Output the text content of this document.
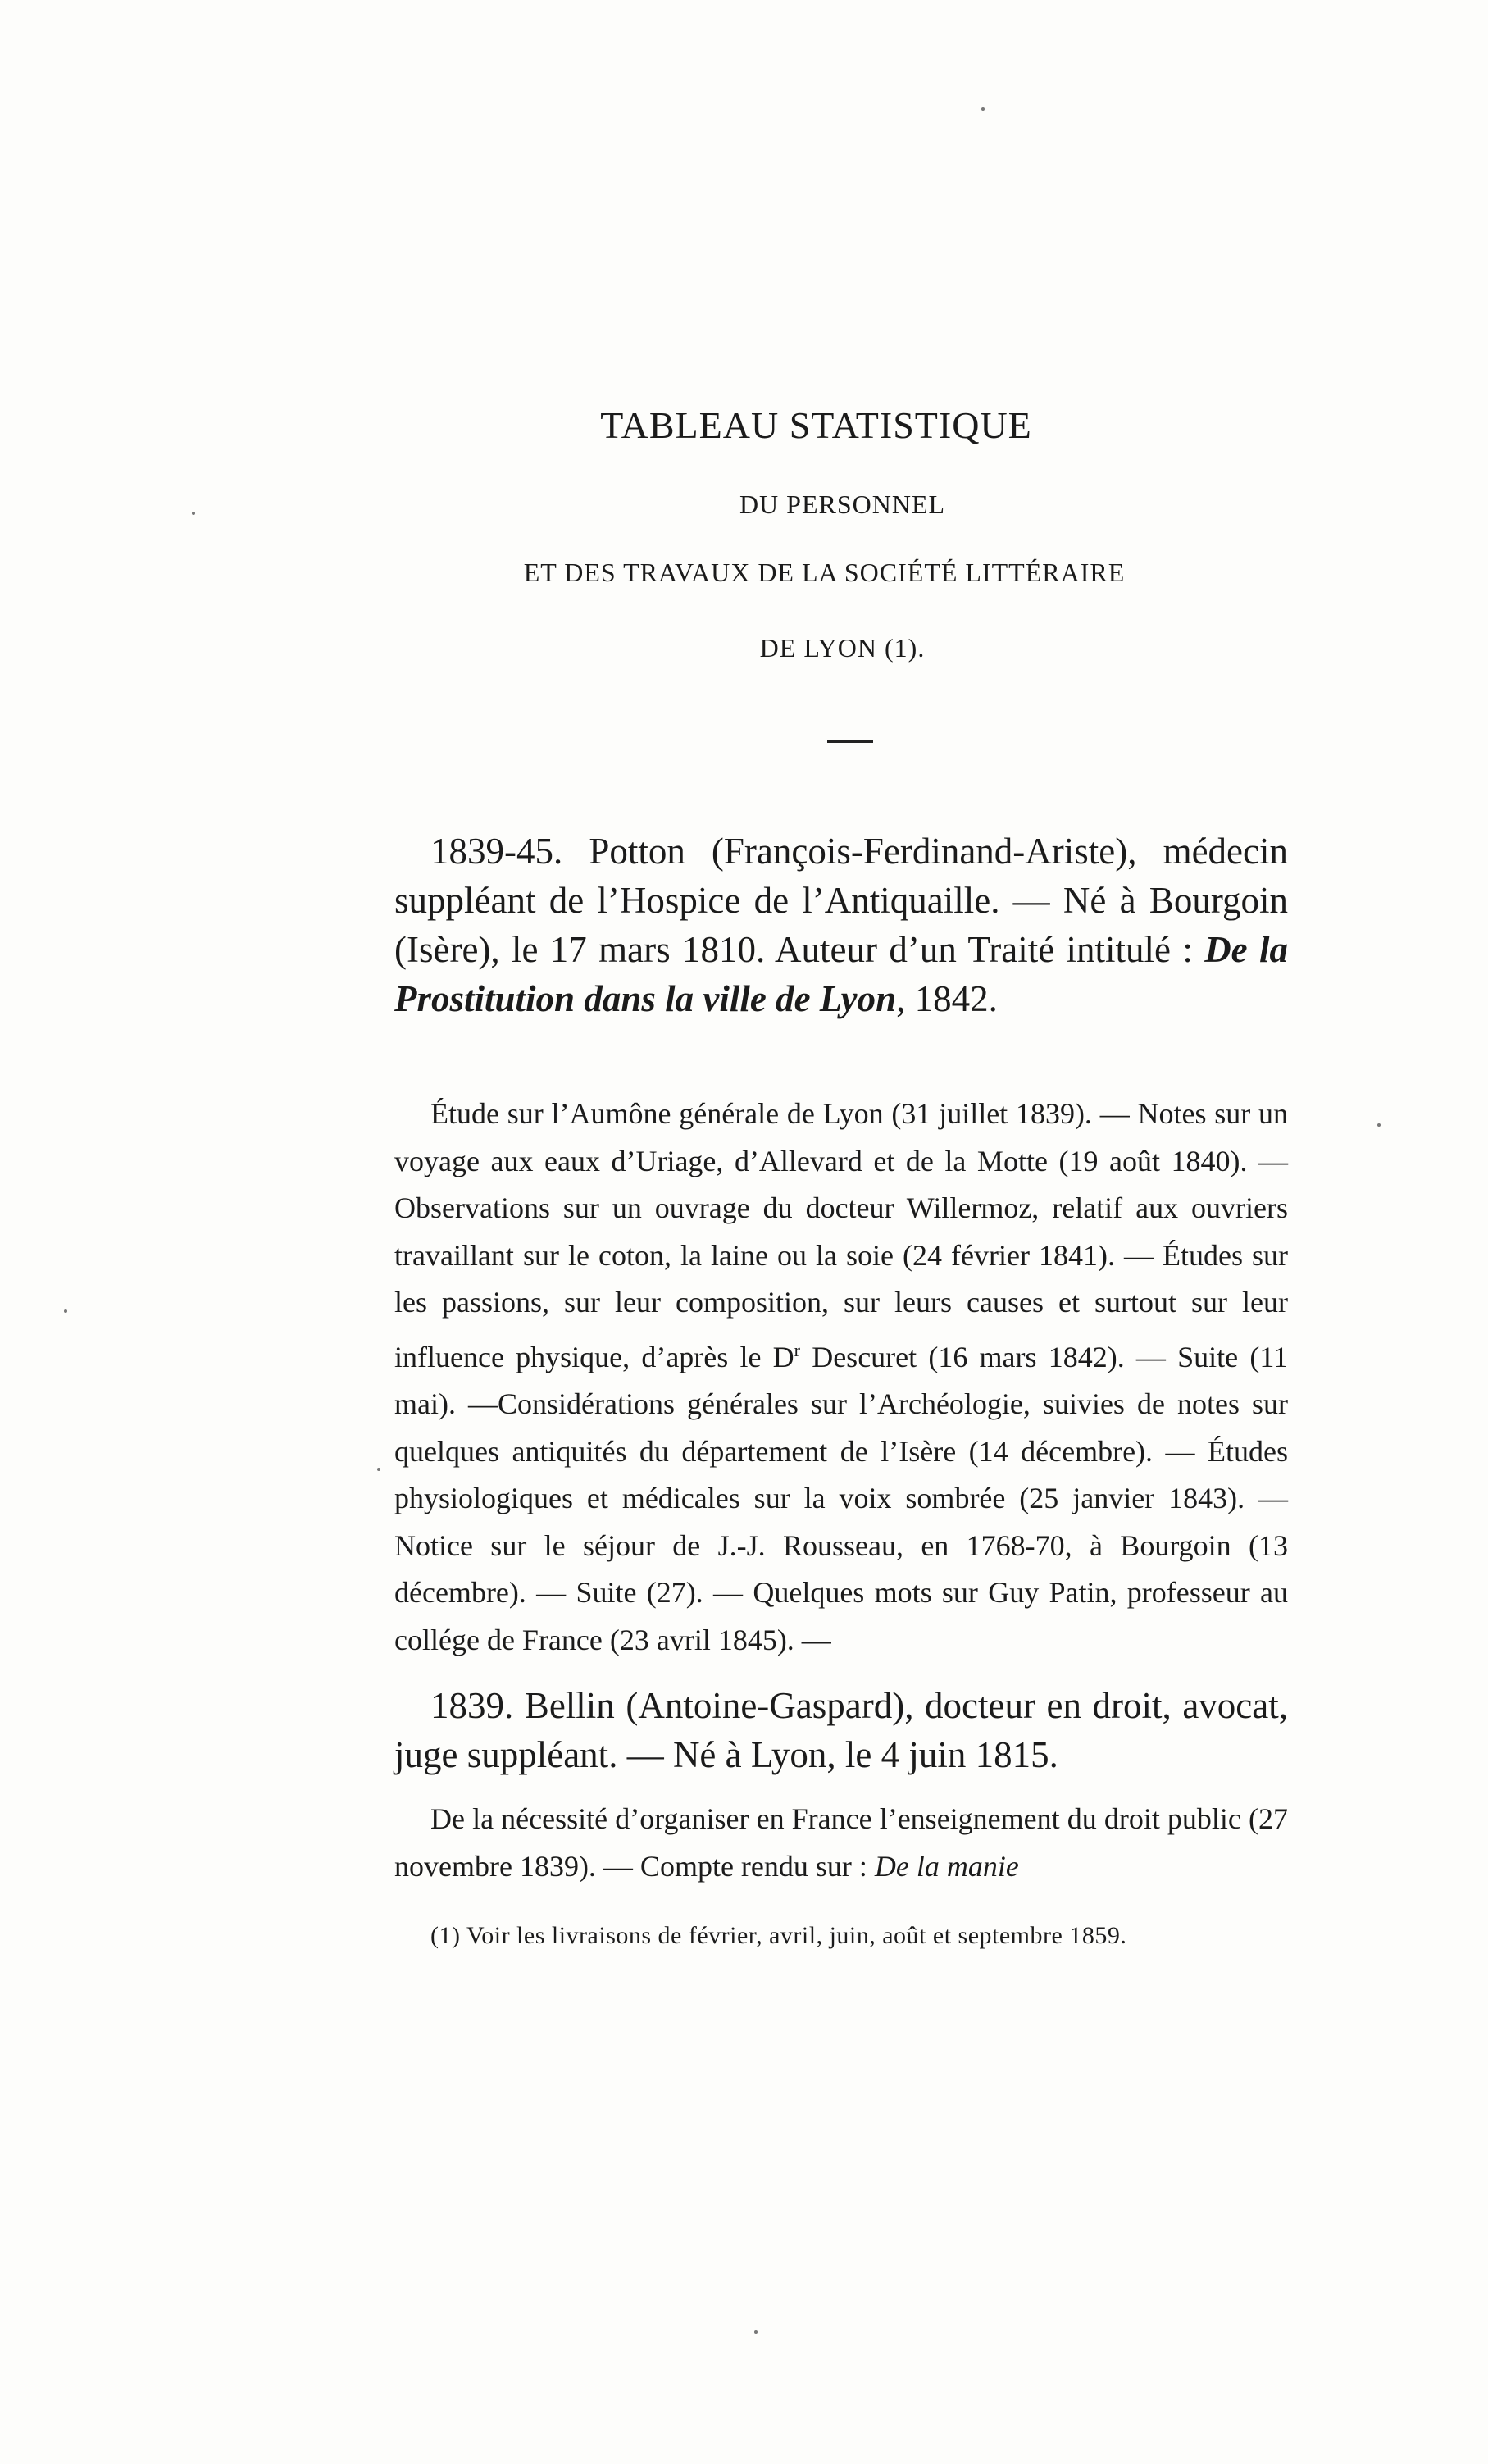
TABLEAU STATISTIQUE
DU PERSONNEL
ET DES TRAVAUX DE LA SOCIÉTÉ LITTÉRAIRE
DE LYON (1).

1839-45. Potton (François-Ferdinand-Ariste), médecin suppléant de l’Hospice de l’Antiquaille. — Né à Bourgoin (Isère), le 17 mars 1810. Auteur d’un Traité intitulé : De la Prostitution dans la ville de Lyon, 1842.

Étude sur l’Aumône générale de Lyon (31 juillet 1839). — Notes sur un voyage aux eaux d’Uriage, d’Allevard et de la Motte (19 août 1840). — Observations sur un ouvrage du docteur Willermoz, relatif aux ouvriers travaillant sur le coton, la laine ou la soie (24 février 1841). — Études sur les passions, sur leur composition, sur leurs causes et surtout sur leur influence physique, d’après le $D^r$ Descuret (16 mars 1842). — Suite (11 mai). —Considérations générales sur l’Archéologie, suivies de notes sur quelques antiquités du département de l’Isère (14 décembre). — Études physiologiques et médicales sur la voix sombrée (25 janvier 1843). — Notice sur le séjour de J.-J. Rousseau, en 1768-70, à Bourgoin (13 décembre). — Suite (27). — Quelques mots sur Guy Patin, professeur au collége de France (23 avril 1845). —

1839. Bellin (Antoine-Gaspard), docteur en droit, avocat, juge suppléant. — Né à Lyon, le 4 juin 1815.

De la nécessité d’organiser en France l’enseignement du droit public (27 novembre 1839). — Compte rendu sur : De la manie

(1) Voir les livraisons de février, avril, juin, août et septembre 1859.
